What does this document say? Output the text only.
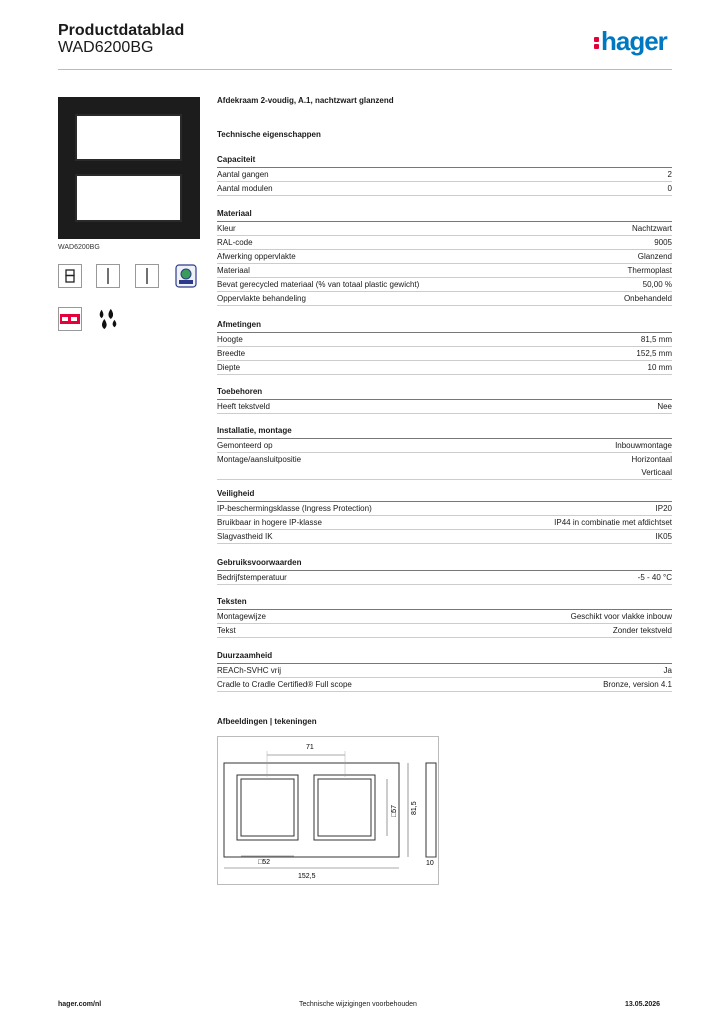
Productdatablad
WAD6200BG	hager
WAD6200BG
Afdekraam 2-voudig, A.1, nachtzwart glanzend
Technische eigenschappen
Capaciteit
Aantal gangen	2
Aantal modulen	0
Materiaal
Kleur	Nachtzwart
RAL-code	9005
Afwerking oppervlakte	Glanzend
Materiaal	Thermoplast
Bevat gerecycled materiaal (% van totaal plastic gewicht)	50,00 %
Oppervlakte behandeling	Onbehandeld
Afmetingen
Hoogte	81,5 mm
Breedte	152,5 mm
Diepte	10 mm
Toebehoren
Heeft tekstveld	Nee
Installatie, montage
Gemonteerd op	Inbouwmontage
Montage/aansluitpositie	Horizontaal
Verticaal
Veiligheid
IP-beschermingsklasse (Ingress Protection)	IP20
Bruikbaar in hogere IP-klasse	IP44 in combinatie met afdichtset
Slagvastheid IK	IK05
Gebruiksvoorwaarden
Bedrijfstemperatuur	-5 - 40 °C
Teksten
Montagewijze	Geschikt voor vlakke inbouw
Tekst	Zonder tekstveld
Duurzaamheid
REACh-SVHC vrij	Ja
Cradle to Cradle Certified® Full scope	Bronze, version 4.1
Afbeeldingen | tekeningen
71
□52
152,5
□57 81,5
10
hager.com/nl	Technische wijzigingen voorbehouden	13.05.2026
